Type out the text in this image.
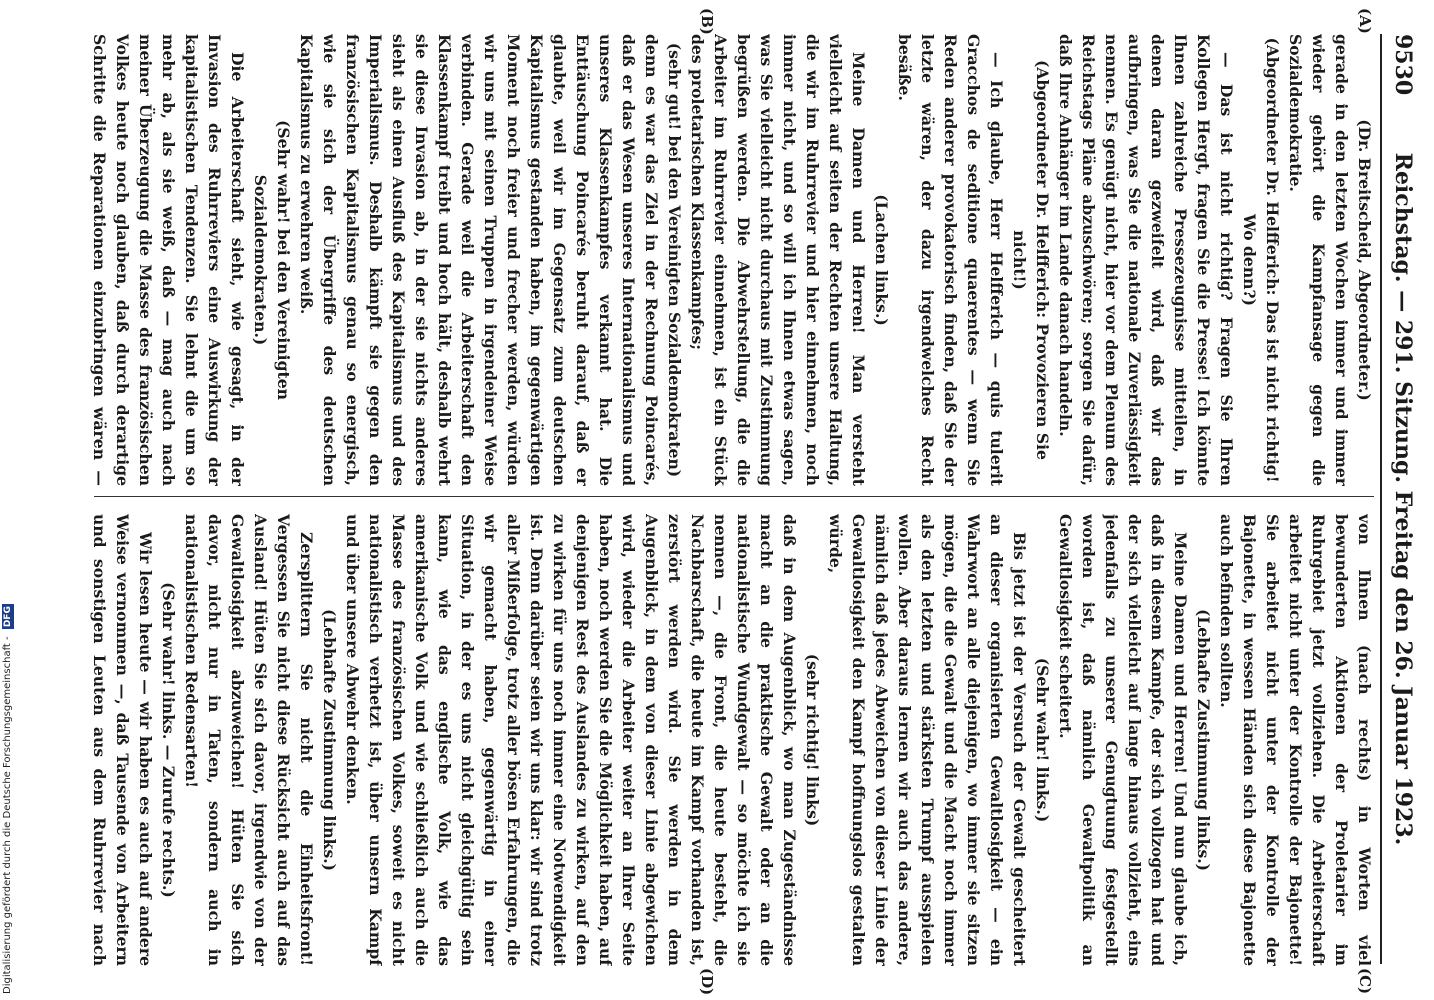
9530
Reichstag. — 291. Sitzung. Freitag den 26. Januar 1923.
(A)
(B)
(C)
(D)

(Dr. Breitscheid, Abgeordneter.)

gerade in den letzten Wochen immer und immer wieder gehört die Kampfansage gegen die Sozialdemokratie.

(Abgeordneter Dr. Helfferich: Das ist nicht richtig! Wo denn?)

— Das ist nicht richtig? Fragen Sie Ihren Kollegen Hergt, fragen Sie die Presse! Ich könnte Ihnen zahlreiche Pressezeugnisse mitteilen, in denen daran gezweifelt wird, daß wir das aufbringen, was Sie die nationale Zuverlässigkeit nennen. Es genügt nicht, hier vor dem Plenum des Reichstags Pläne abzuschwören; sorgen Sie dafür, daß Ihre Anhänger im Lande danach handeln.

(Abgeordneter Dr. Helfferich: Provozieren Sie nicht!)

— Ich glaube, Herr Helfferich — quis tulerit Gracchos de seditione quaerentes — wenn Sie Reden anderer provokatorisch finden, daß Sie der letzte wären, der dazu irgendwelches Recht besäße.

(Lachen links.)

Meine Damen und Herren! Man versteht vielleicht auf seiten der Rechten unsere Haltung, die wir im Ruhrrevier und hier einnehmen, noch immer nicht, und so will ich Ihnen etwas sagen, was Sie vielleicht nicht durchaus mit Zustimmung begrüßen werden. Die Abwehrstellung, die die Arbeiter im Ruhrrevier einnehmen, ist ein Stück des proletarischen Klassenkampfes;

(sehr gut! bei den Vereinigten Sozialdemokraten)

denn es war das Ziel in der Rechnung Poincarés, daß er das Wesen unseres Internationalismus und unseres Klassenkampfes verkannt hat. Die Enttäuschung Poincarés beruht darauf, daß er glaubte, weil wir im Gegensatz zum deutschen Kapitalismus gestanden haben, im gegenwärtigen Moment noch freier und frecher werden, würden wir uns mit seinen Truppen in irgendeiner Weise verbinden. Gerade weil die Arbeiterschaft den Klassenkampf treibt und hoch hält, deshalb wehrt sie diese Invasion ab, in der sie nichts anderes sieht als einen Ausfluß des Kapitalismus und des Imperialismus. Deshalb kämpft sie gegen den französischen Kapitalismus genau so energisch, wie sie sich der Übergriffe des deutschen Kapitalismus zu erwehren weiß.

(Sehr wahr! bei den Vereinigten Sozialdemokraten.)

Die Arbeiterschaft sieht, wie gesagt, in der Invasion des Ruhrreviers eine Auswirkung der kapitalistischen Tendenzen. Sie lehnt die um so mehr ab, als sie weiß, daß — mag auch nach meiner Überzeugung die Masse des französischen Volkes heute noch glauben, daß durch derartige Schritte die Reparationen einzubringen wären —

von Ihnen (nach rechts) in Worten viel bewunderten Aktionen der Proletarier im Ruhrgebiet jetzt vollziehen. Die Arbeiterschaft arbeitet nicht unter der Kontrolle der Bajonette! Sie arbeitet nicht unter der Kontrolle der Bajonette, in wessen Händen sich diese Bajonette auch befinden sollten.

(Lebhafte Zustimmung links.)

Meine Damen und Herren! Und nun glaube ich, daß in diesem Kampfe, der sich vollzogen hat und der sich vielleicht auf lange hinaus vollzieht, eins jedenfalls zu unserer Genugtuung festgestellt worden ist, daß nämlich Gewaltpolitik an Gewaltlosigkeit scheitert.

(Sehr wahr! links.)

Bis jetzt ist der Versuch der Gewalt gescheitert an dieser organisierten Gewaltlosigkeit — ein Wahrwort an alle diejenigen, wo immer sie sitzen mögen, die die Gewalt und die Macht noch immer als den letzten und stärksten Trumpf ausspielen wollen. Aber daraus lernen wir auch das andere, nämlich daß jedes Abweichen von dieser Linie der Gewaltlosigkeit den Kampf hoffnungslos gestalten würde,

(sehr richtig! links)

daß in dem Augenblick, wo man Zugeständnisse macht an die praktische Gewalt oder an die nationalistische Wundgewalt — so möchte ich sie nennen —, die Front, die heute besteht, die Nachbarschaft, die heute im Kampf vorhanden ist, zerstört werden wird. Sie werden in dem Augenblick, in dem von dieser Linie abgewichen wird, wieder die Arbeiter weiter an Ihrer Seite haben, noch werden Sie die Möglichkeit haben, auf denjenigen Rest des Auslandes zu wirken, auf den zu wirken für uns noch immer eine Notwendigkeit ist. Denn darüber seien wir uns klar: wir sind trotz aller Mißerfolge, trotz aller bösen Erfahrungen, die wir gemacht haben, gegenwärtig in einer Situation, in der es uns nicht gleichgültig sein kann, wie das englische Volk, wie das amerikanische Volk und wie schließlich auch die Masse des französischen Volkes, soweit es nicht nationalistisch verhetzt ist, über unsern Kampf und über unsere Abwehr denken.

(Lebhafte Zustimmung links.)

Zersplittern Sie nicht die Einheitsfront! Vergessen Sie nicht diese Rücksicht auch auf das Ausland! Hüten Sie sich davor, irgendwie von der Gewaltlosigkeit abzuweichen! Hüten Sie sich davor, nicht nur in Taten, sondern auch in nationalistischen Redensarten!

(Sehr wahr! links. — Zurufe rechts.)

Wir lesen heute — wir haben es auch auf andere Weise vernommen —, daß Tausende von Arbeitern und sonstigen Leuten aus dem Ruhrrevier nach

Digitalisierung gefördert durch die Deutsche Forschungsgemeinschaft - DFG
